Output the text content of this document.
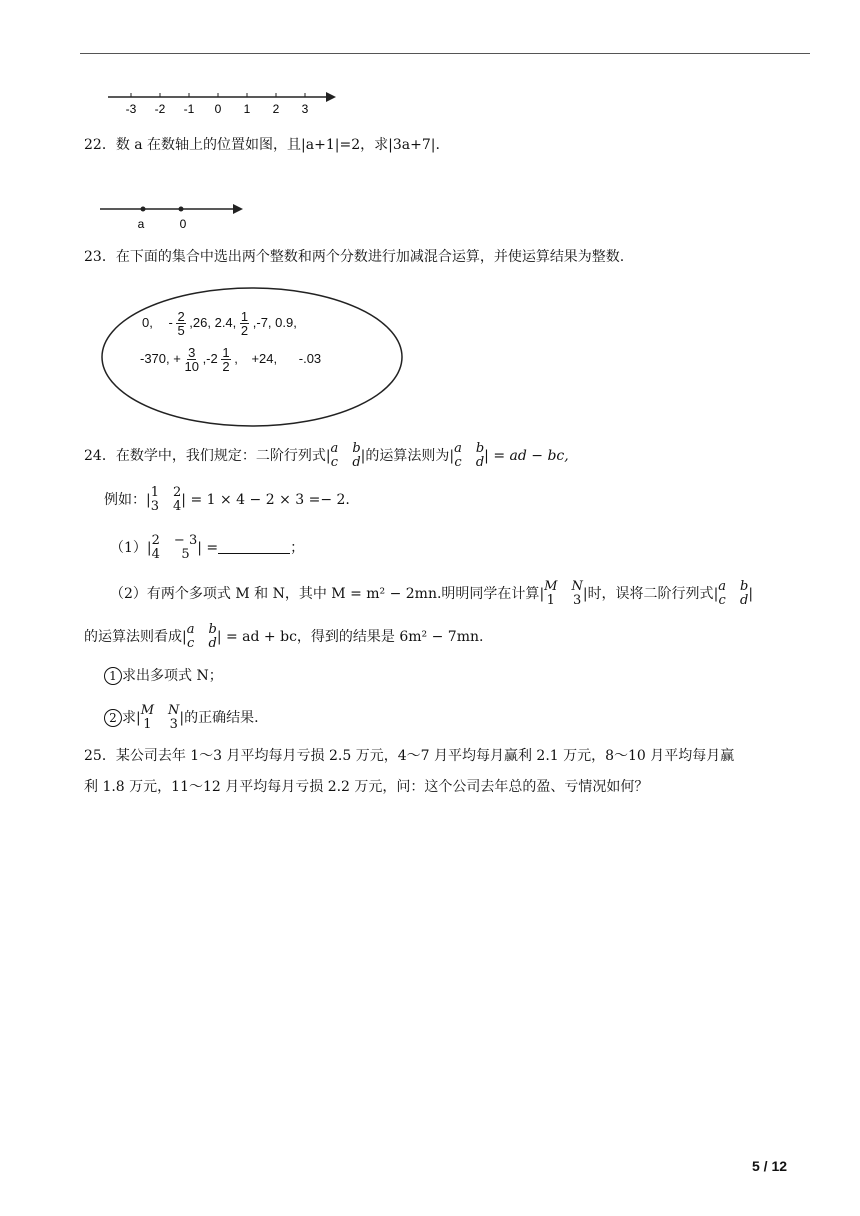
-3 -2 -1 0 1 2 3
22．数 a 在数轴上的位置如图，且|a+1|=2，求|3a+7|.
a	0
23．在下面的集合中选出两个整数和两个分数进行加减混合运算，并使运算结果为整数.
0, - $\frac{2}{5} ,26$, 2.4, $\frac{1}{2} ,-7$, 0.9,
-370, + $\frac{3}{10} ,-2 \frac{1}{2}$ , +24, -.03
24．在数学中，我们规定：二阶行列式| a b
c d |的运算法则为| a b
c d | = ad − bc,
例如：| 1 2
3 4 | = 1 × 4 − 2 × 3 =− 2.
（1）| 2 − 3
4	5 | =	；
（2）有两个多项式 M 和 N，其中 M = m² − 2mn.明明同学在计算| M N
1 3 |时，误将二阶行列式| a b
c d |
的运算法则看成| a b
c d | = ad + bc，得到的结果是 6m² − 7mn.
1 求出多项式 N；
2 求| M N
1 3 |的正确结果.
25．某公司去年 1～3 月平均每月亏损 2.5 万元，4～7 月平均每月赢利 2.1 万元，8～10 月平均每月赢
利 1.8 万元，11～12 月平均每月亏损 2.2 万元，问：这个公司去年总的盈、亏情况如何？
5 / 12
